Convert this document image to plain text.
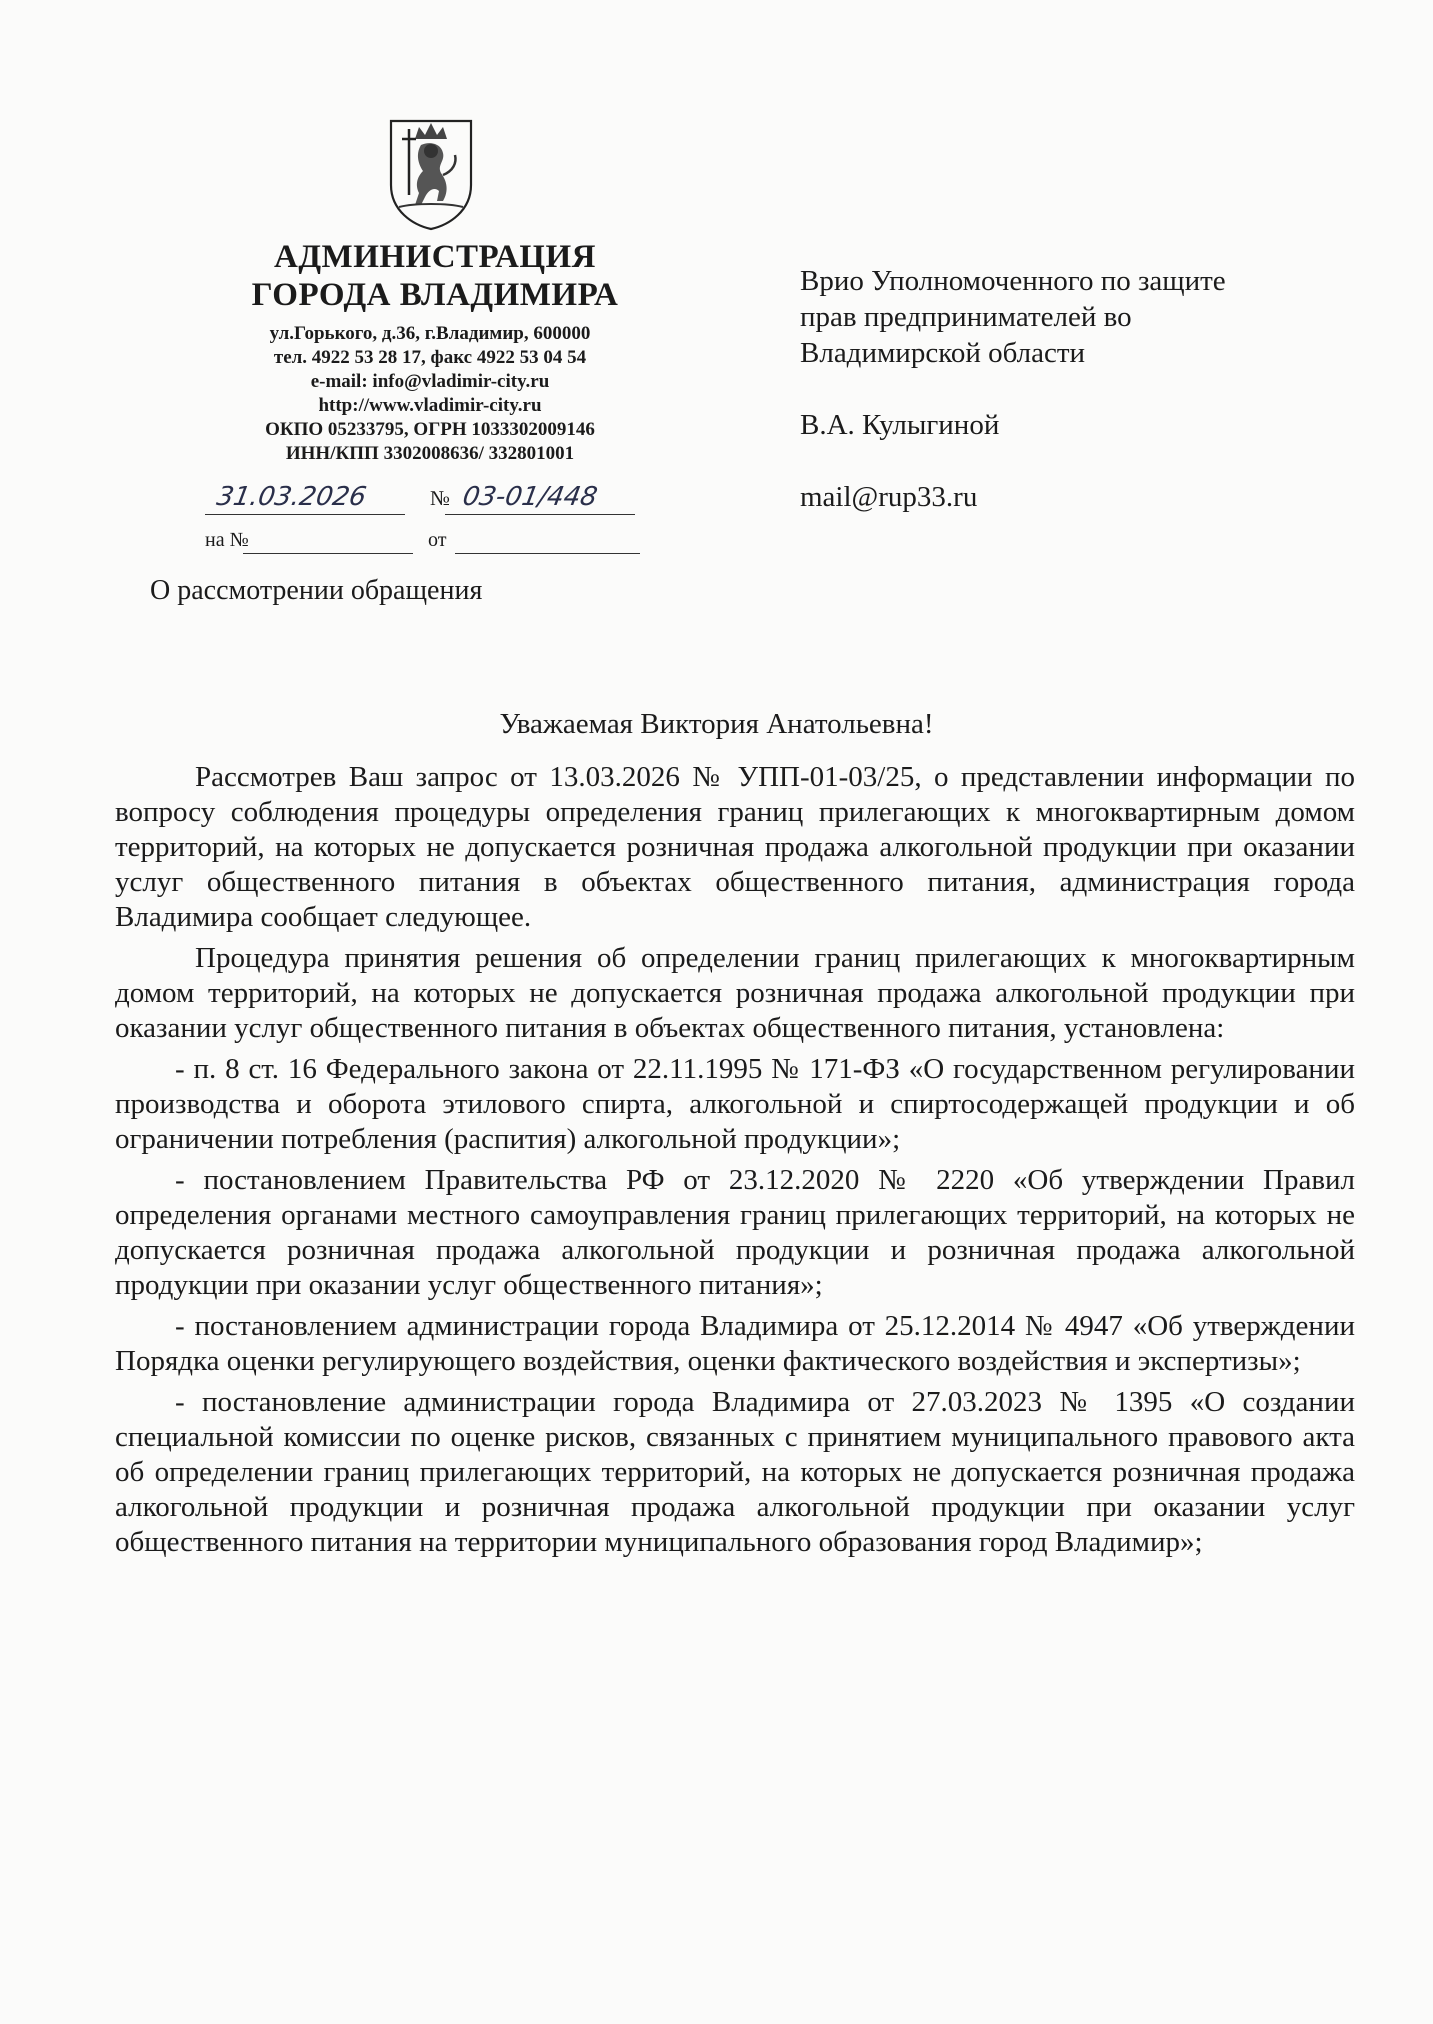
АДМИНИСТРАЦИЯ

ГОРОДА ВЛАДИМИРА

ул.Горького, д.36, г.Владимир, 600000
тел. 4922 53 28 17, факс 4922 53 04 54
e-mail: info@vladimir-city.ru
http://www.vladimir-city.ru
ОКПО 05233795, ОГРН 1033302009146
ИНН/КПП 3302008636/ 332801001
31.03.2026	№ 03-01/448
на №	от
О рассмотрении обращения

Врио Уполномоченного по защите

прав предпринимателей во

Владимирской области

В.А. Кулыгиной

mail@rup33.ru

Уважаемая Виктория Анатольевна!

Рассмотрев Ваш запрос от 13.03.2026 № УПП-01-03/25, о представлении информации по вопросу соблюдения процедуры определения границ прилегающих к многоквартирным домом территорий, на которых не допускается розничная продажа алкогольной продукции при оказании услуг общественного питания в объектах общественного питания, администрация города Владимира сообщает следующее.

Процедура принятия решения об определении границ прилегающих к многоквартирным домом территорий, на которых не допускается розничная продажа алкогольной продукции при оказании услуг общественного питания в объектах общественного питания, установлена:

- п. 8 ст. 16 Федерального закона от 22.11.1995 № 171-ФЗ «О государственном регулировании производства и оборота этилового спирта, алкогольной и спиртосодержащей продукции и об ограничении потребления (распития) алкогольной продукции»;

- постановлением Правительства РФ от 23.12.2020 № 2220 «Об утверждении Правил определения органами местного самоуправления границ прилегающих территорий, на которых не допускается розничная продажа алкогольной продукции и розничная продажа алкогольной продукции при оказании услуг общественного питания»;

- постановлением администрации города Владимира от 25.12.2014 № 4947 «Об утверждении Порядка оценки регулирующего воздействия, оценки фактического воздействия и экспертизы»;

- постановление администрации города Владимира от 27.03.2023 № 1395 «О создании специальной комиссии по оценке рисков, связанных с принятием муниципального правового акта об определении границ прилегающих территорий, на которых не допускается розничная продажа алкогольной продукции и розничная продажа алкогольной продукции при оказании услуг общественного питания на территории муниципального образования город Владимир»;
